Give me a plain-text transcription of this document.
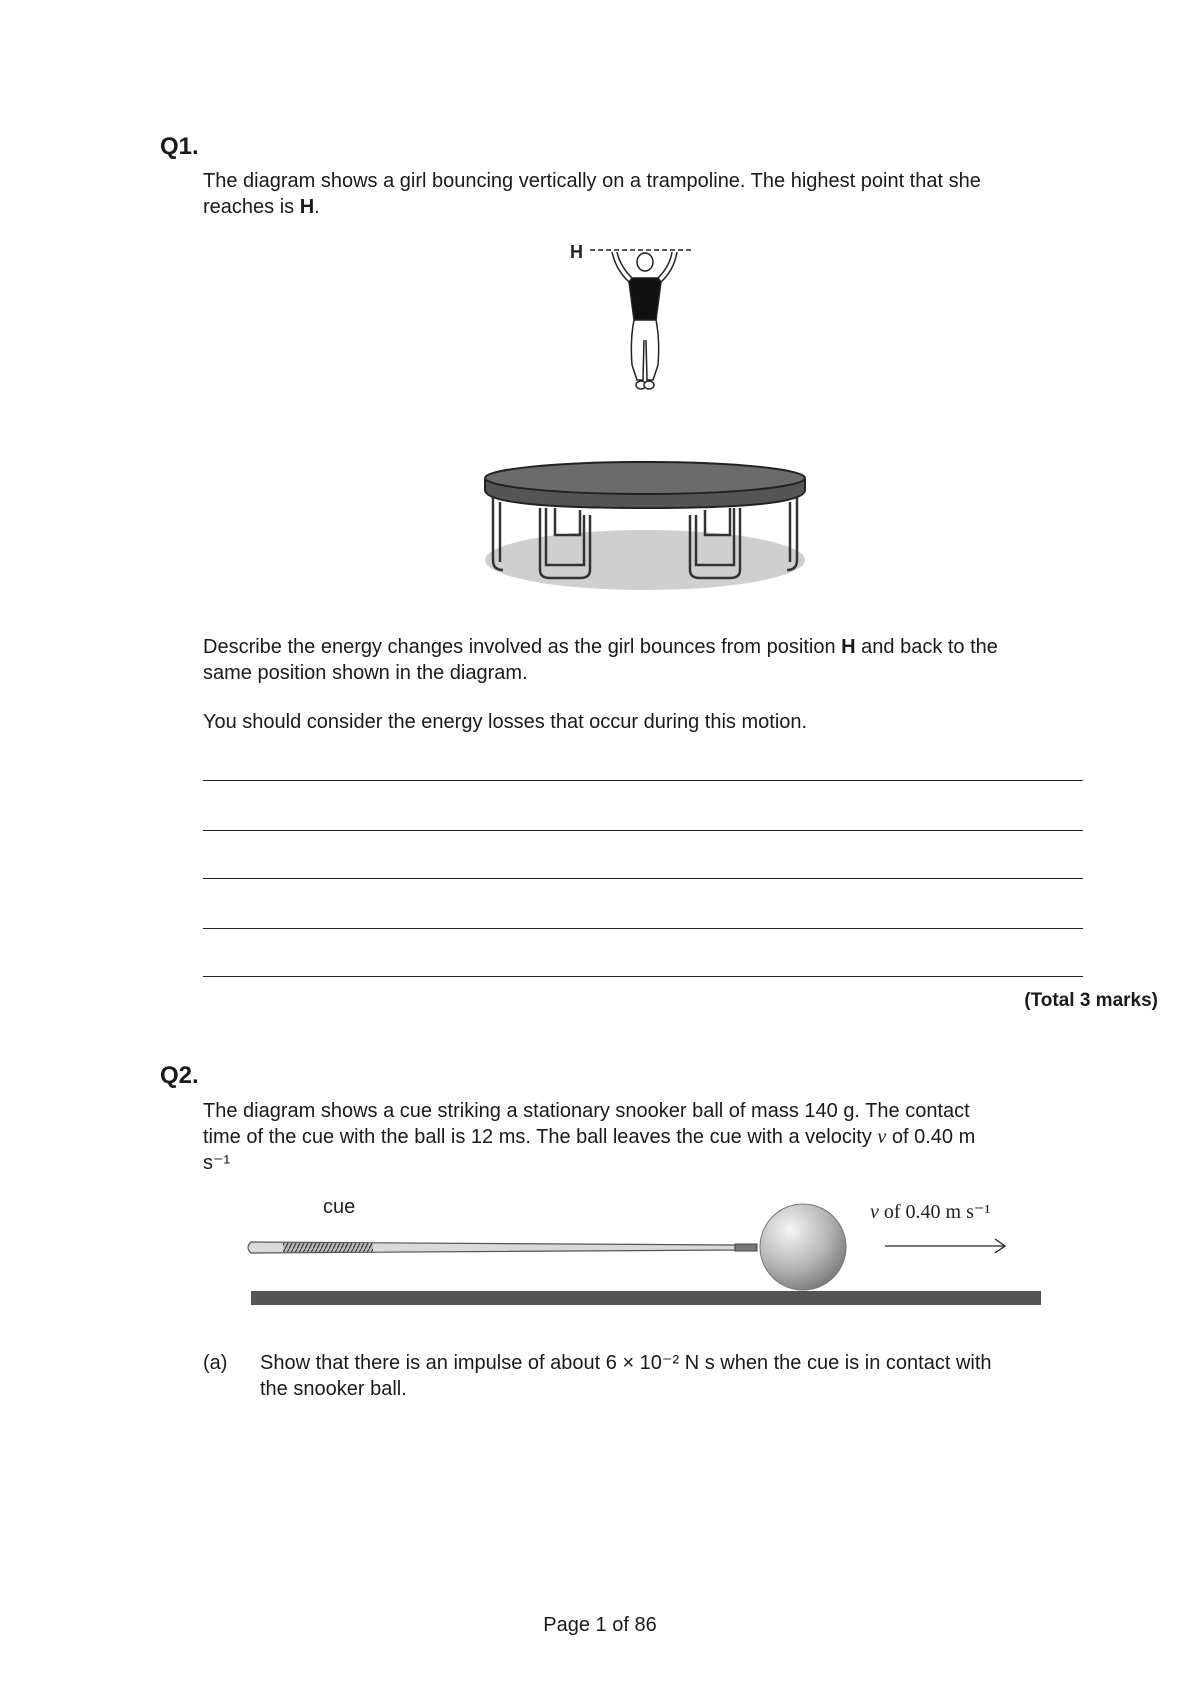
Q1.
The diagram shows a girl bouncing vertically on a trampoline. The highest point that she
reaches is H.
H
Describe the energy changes involved as the girl bounces from position H and back to the
same position shown in the diagram.
You should consider the energy losses that occur during this motion.
(Total 3 marks)
Q2.
The diagram shows a cue striking a stationary snooker ball of mass 140 g. The contact
time of the cue with the ball is 12 ms. The ball leaves the cue with a velocity v of 0.40 m
s⁻¹
cue	v of 0.40 m s⁻¹
(a) Show that there is an impulse of about 6 × 10⁻² N s when the cue is in contact with
the snooker ball.
Page 1 of 86
